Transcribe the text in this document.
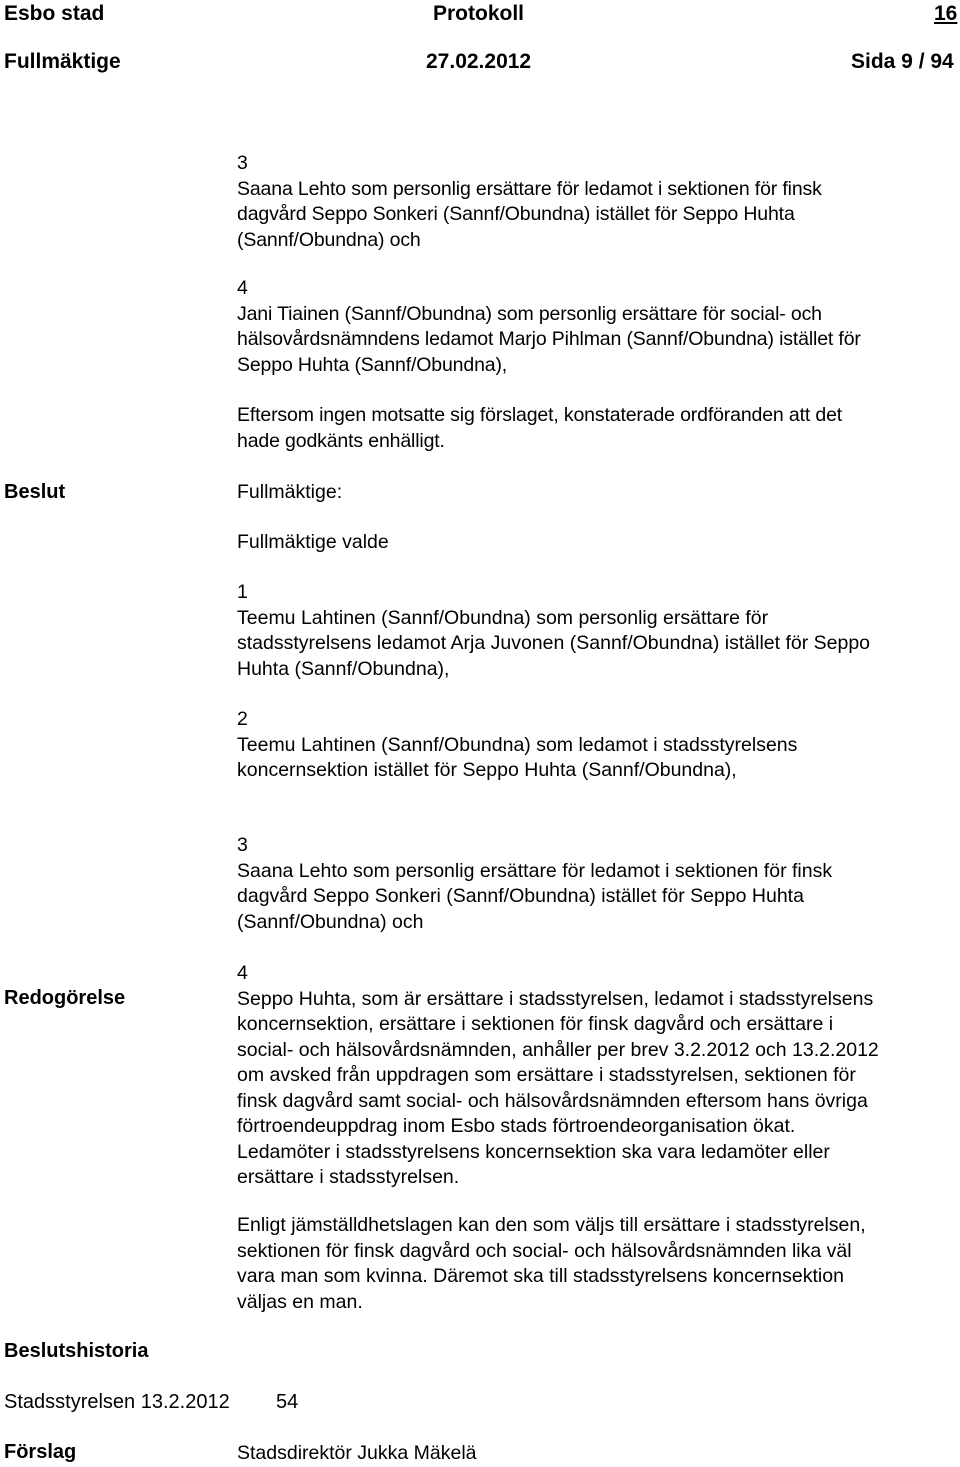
Esbo stad	Protokoll	16
Fullmäktige	27.02.2012	Sida 9 / 94
3
Saana Lehto som personlig ersättare för ledamot i sektionen för finsk
dagvård Seppo Sonkeri (Sannf/Obundna) istället för Seppo Huhta
(Sannf/Obundna) och
4
Jani Tiainen (Sannf/Obundna) som personlig ersättare för social- och
hälsovårdsnämndens ledamot Marjo Pihlman (Sannf/Obundna) istället för
Seppo Huhta (Sannf/Obundna),
Eftersom ingen motsatte sig förslaget, konstaterade ordföranden att det
hade godkänts enhälligt.
Beslut	Fullmäktige:
Fullmäktige valde
1
Teemu Lahtinen (Sannf/Obundna) som personlig ersättare för
stadsstyrelsens ledamot Arja Juvonen (Sannf/Obundna) istället för Seppo
Huhta (Sannf/Obundna),
2
Teemu Lahtinen (Sannf/Obundna) som ledamot i stadsstyrelsens
koncernsektion istället för Seppo Huhta (Sannf/Obundna),
3
Saana Lehto som personlig ersättare för ledamot i sektionen för finsk
dagvård Seppo Sonkeri (Sannf/Obundna) istället för Seppo Huhta
(Sannf/Obundna) och
Redogörelse
4
Seppo Huhta, som är ersättare i stadsstyrelsen, ledamot i stadsstyrelsens
koncernsektion, ersättare i sektionen för finsk dagvård och ersättare i
social- och hälsovårdsnämnden, anhåller per brev 3.2.2012 och 13.2.2012
om avsked från uppdragen som ersättare i stadsstyrelsen, sektionen för
finsk dagvård samt social- och hälsovårdsnämnden eftersom hans övriga
förtroendeuppdrag inom Esbo stads förtroendeorganisation ökat.
Ledamöter i stadsstyrelsens koncernsektion ska vara ledamöter eller
ersättare i stadsstyrelsen.
Enligt jämställdhetslagen kan den som väljs till ersättare i stadsstyrelsen,
sektionen för finsk dagvård och social- och hälsovårdsnämnden lika väl
vara man som kvinna. Däremot ska till stadsstyrelsens koncernsektion
väljas en man.
Beslutshistoria
Stadsstyrelsen 13.2.2012 54
Förslag	Stadsdirektör Jukka Mäkelä
